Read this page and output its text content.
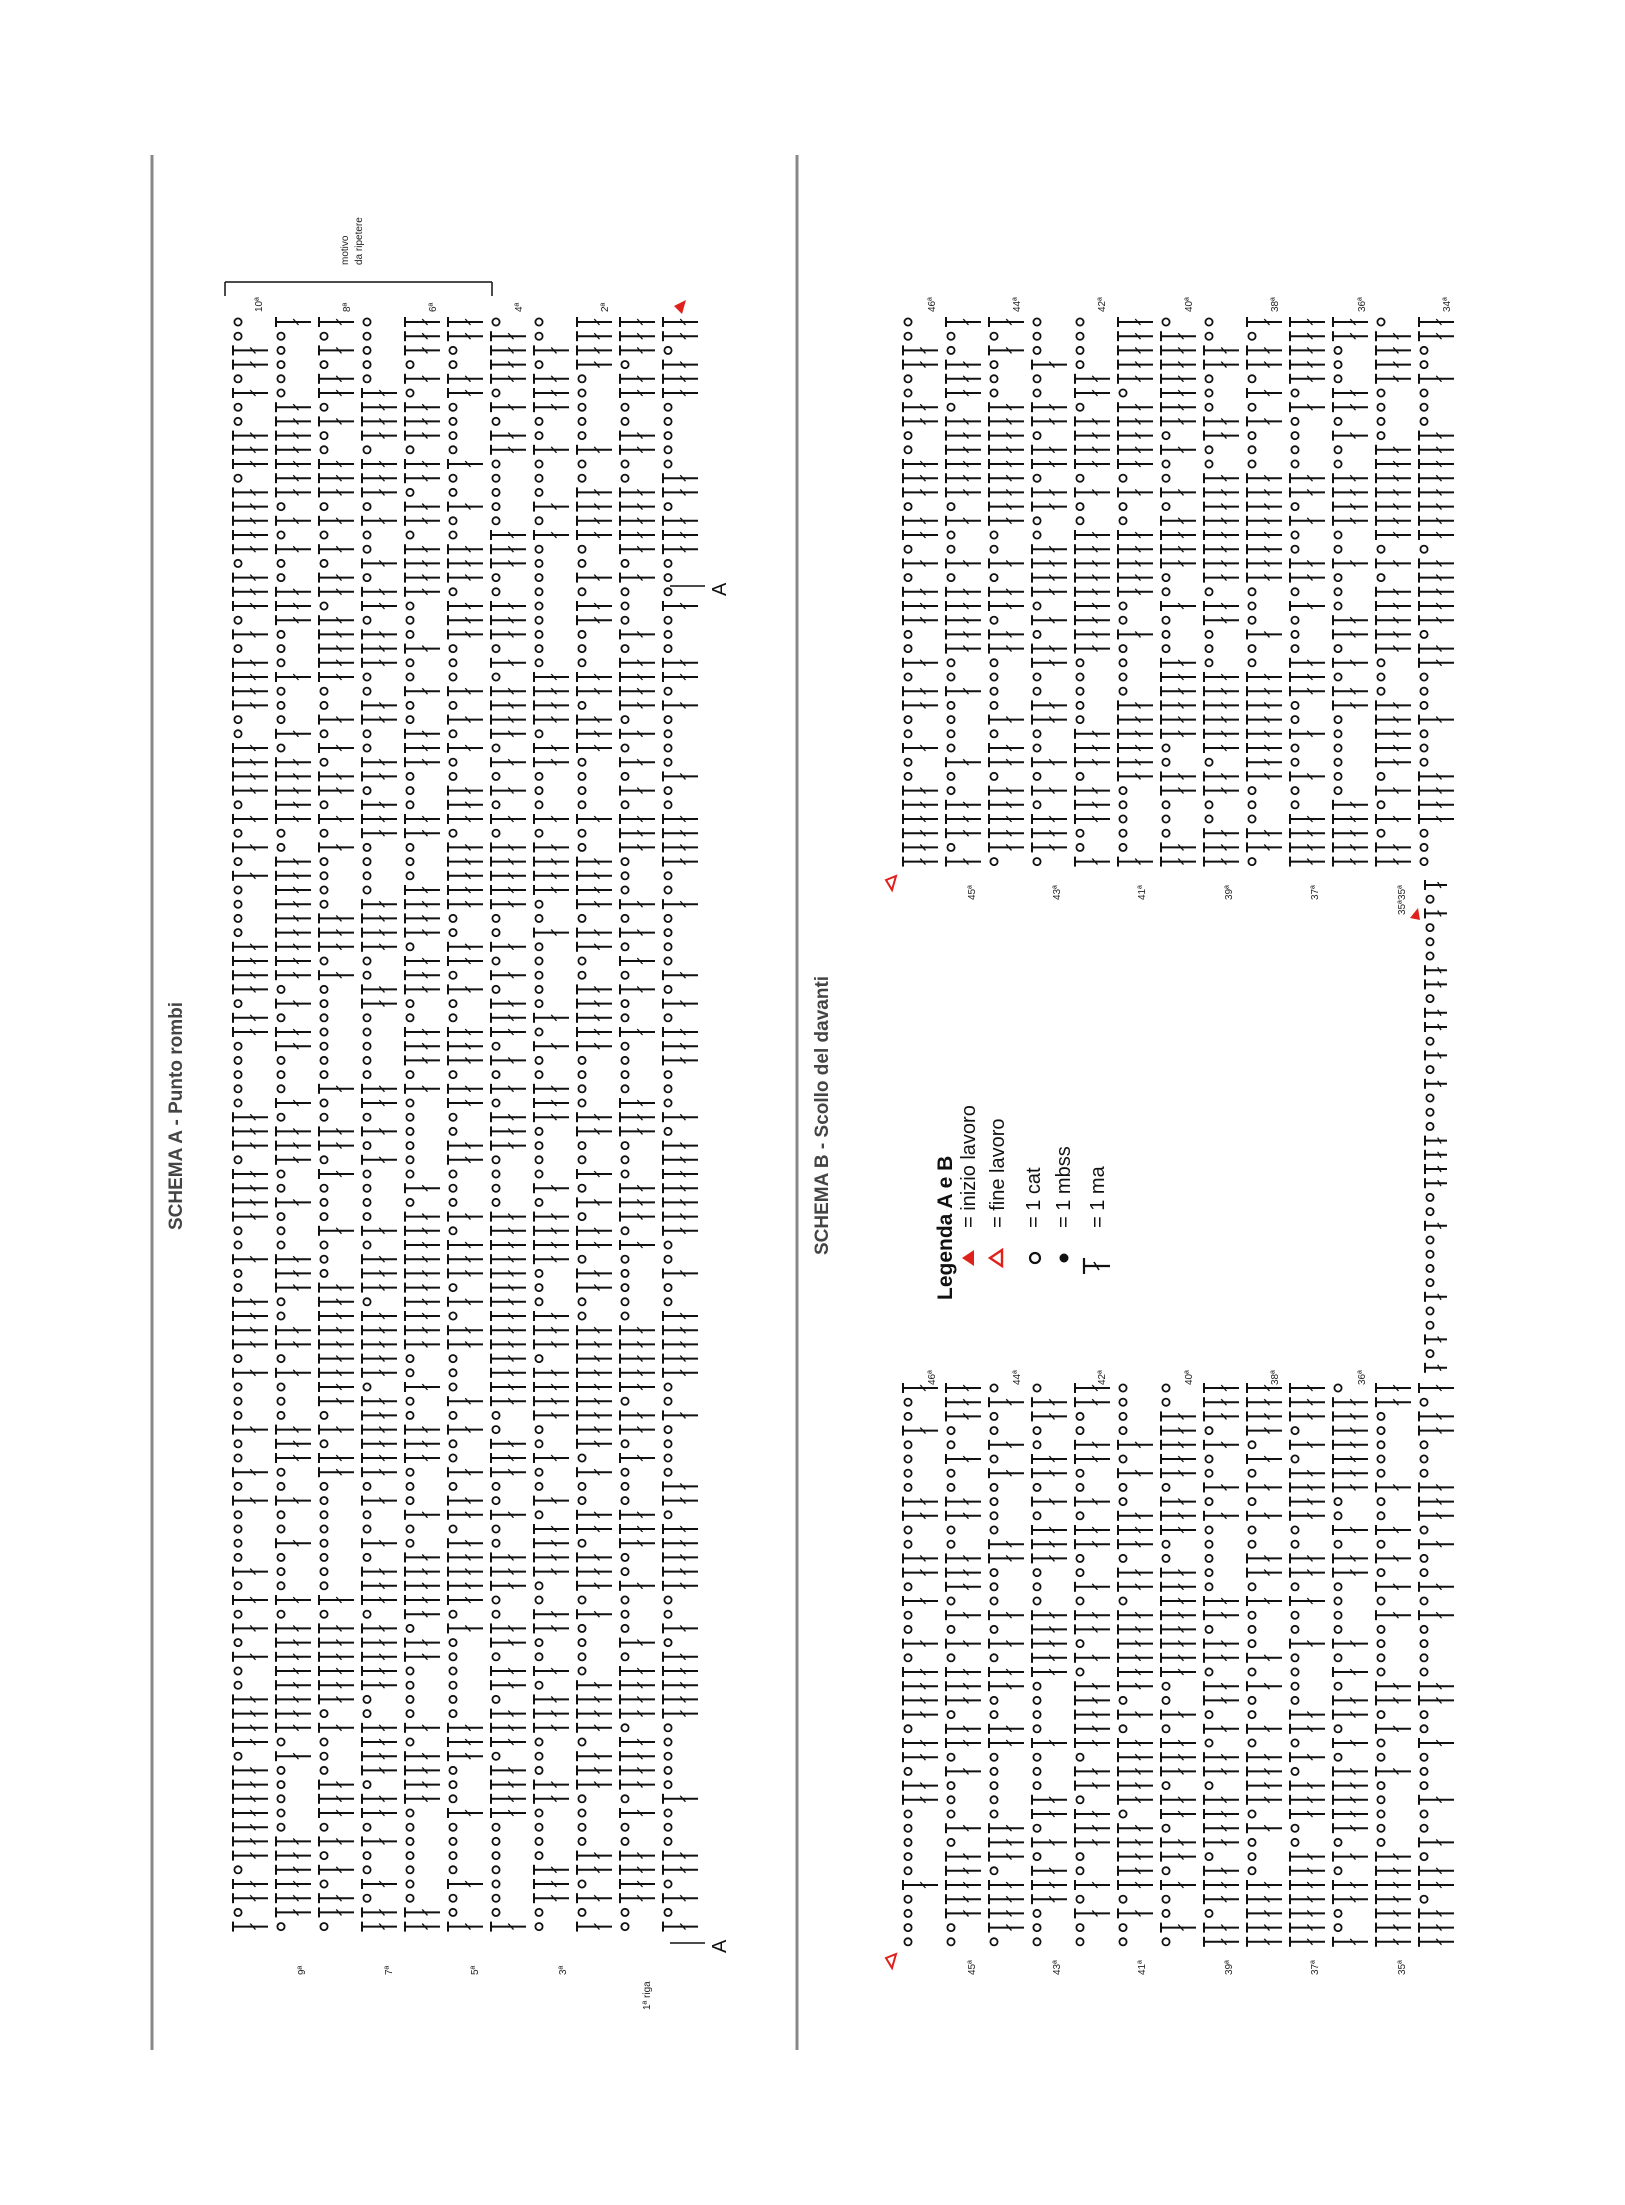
SCHEMA A - Punto rombi	SCHEMA B - Scollo del davanti
motivo da ripetere
A
A
9ª	7ª	5ª	3ª
1ª riga
10ª	8ª	6ª	4ª	2ª
45ª
45ª
43ª
43ª
41ª
41ª
39ª
39ª
37ª
37ª
35ª
35ª
46ª
46ª
44ª
44ª
42ª
42ª
40ª
40ª
38ª
38ª
36ª
36ª
34ª
35ª
Legenda A e B = inizio lavoro = fine lavoro = 1 cat = 1 mbss = 1 ma
